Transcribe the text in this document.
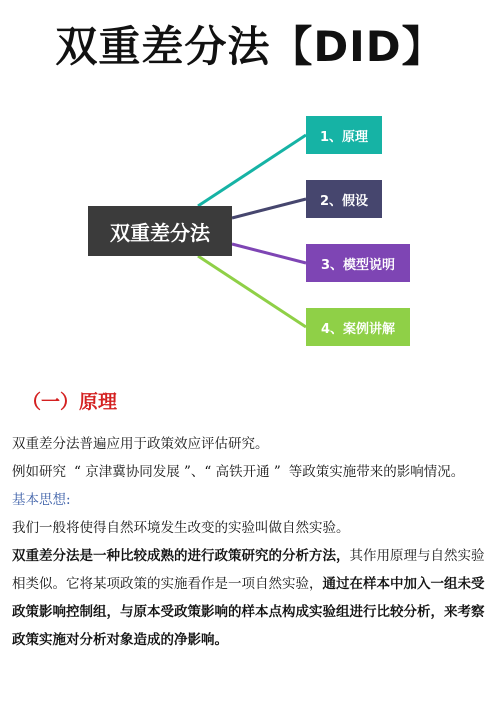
双重差分法【DID】
双重差分法
1、原理
2、假设
3、模型说明
4、案例讲解
（一）原理

双重差分法普遍应用于政策效应评估研究。

例如研究 “ 京津冀协同发展 ”、“ 高铁开通 ” 等政策实施带来的影响情况。

基本思想:

我们一般将使得自然环境发生改变的实验叫做自然实验。

双重差分法是一种比较成熟的进行政策研究的分析方法，其作用原理与自然实验相类似。它将某项政策的实施看作是一项自然实验，通过在样本中加入一组未受政策影响控制组，与原本受政策影响的样本点构成实验组进行比较分析，来考察政策实施对分析对象造成的净影响。
